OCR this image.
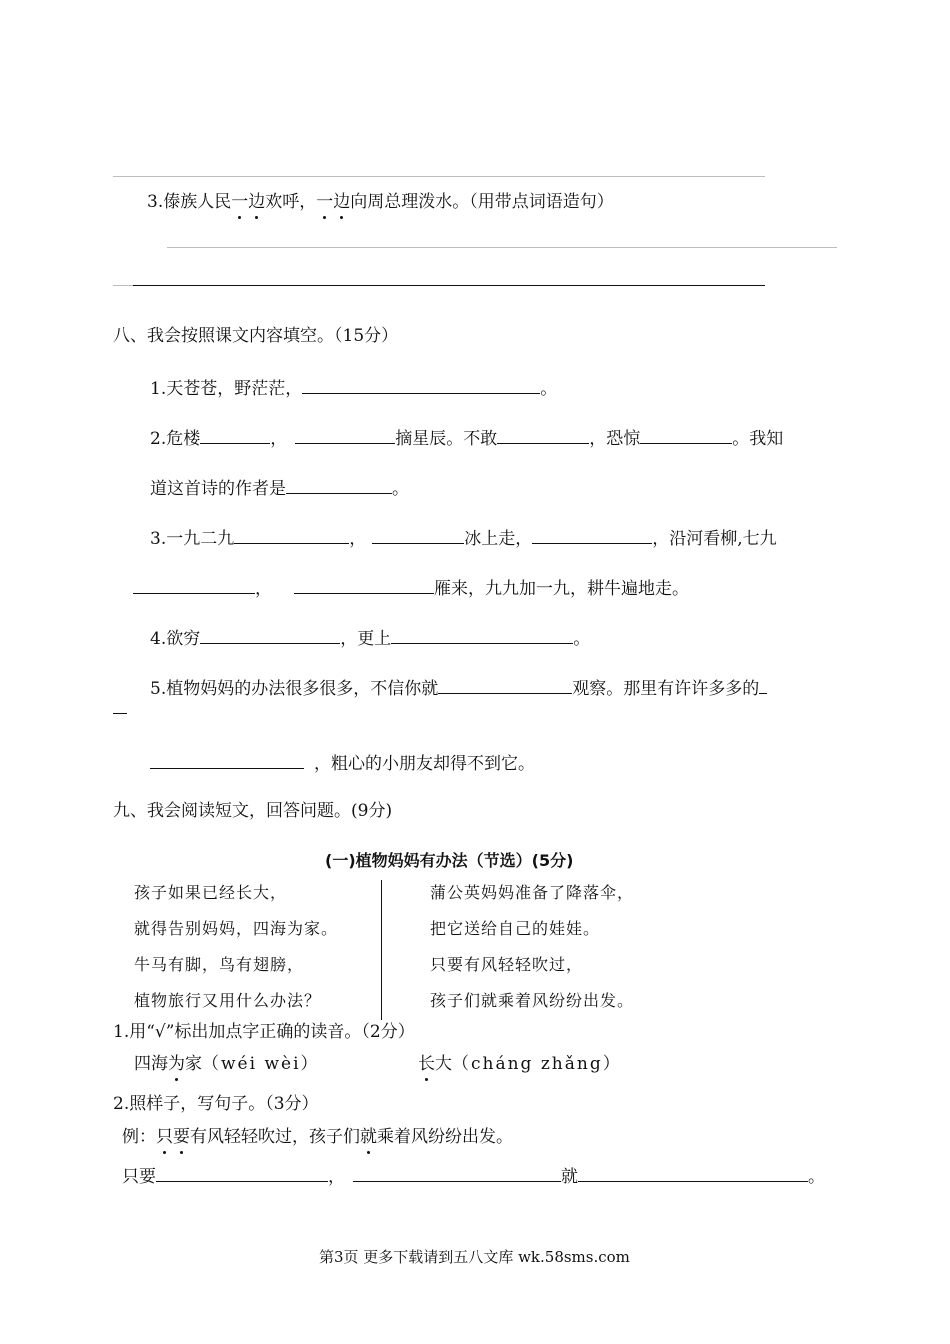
3.傣族人民一边欢呼，一边向周总理泼水。（用带点词语造句）
八、我会按照课文内容填空。（15分）
1.天苍苍，野茫茫，	。
2.危楼	，	摘星辰。不敢	，恐惊	。我知
道这首诗的作者是	。
3.一九二九	，	冰上走，	，沿河看柳,七九
，	雁来，九九加一九，耕牛遍地走。
4.欲穷	，更上	。
5.植物妈妈的办法很多很多，不信你就	观察。那里有许许多多的
，粗心的小朋友却得不到它。
九、我会阅读短文，回答问题。(9分)
(一)植物妈妈有办法（节选）(5分)
孩子如果已经长大，
就得告别妈妈，四海为家。
牛马有脚，鸟有翅膀，
植物旅行又用什么办法？
蒲公英妈妈准备了降落伞，
把它送给自己的娃娃。
只要有风轻轻吹过，
孩子们就乘着风纷纷出发。
1.用“√”标出加点字正确的读音。（2分）
四海为家（wéi wèi）	长大（cháng zhǎng）
2.照样子，写句子。（3分）
例：只要有风轻轻吹过，孩子们就乘着风纷纷出发。
只要	，	就	。
第3页 更多下载请到五八文库 wk.58sms.com
